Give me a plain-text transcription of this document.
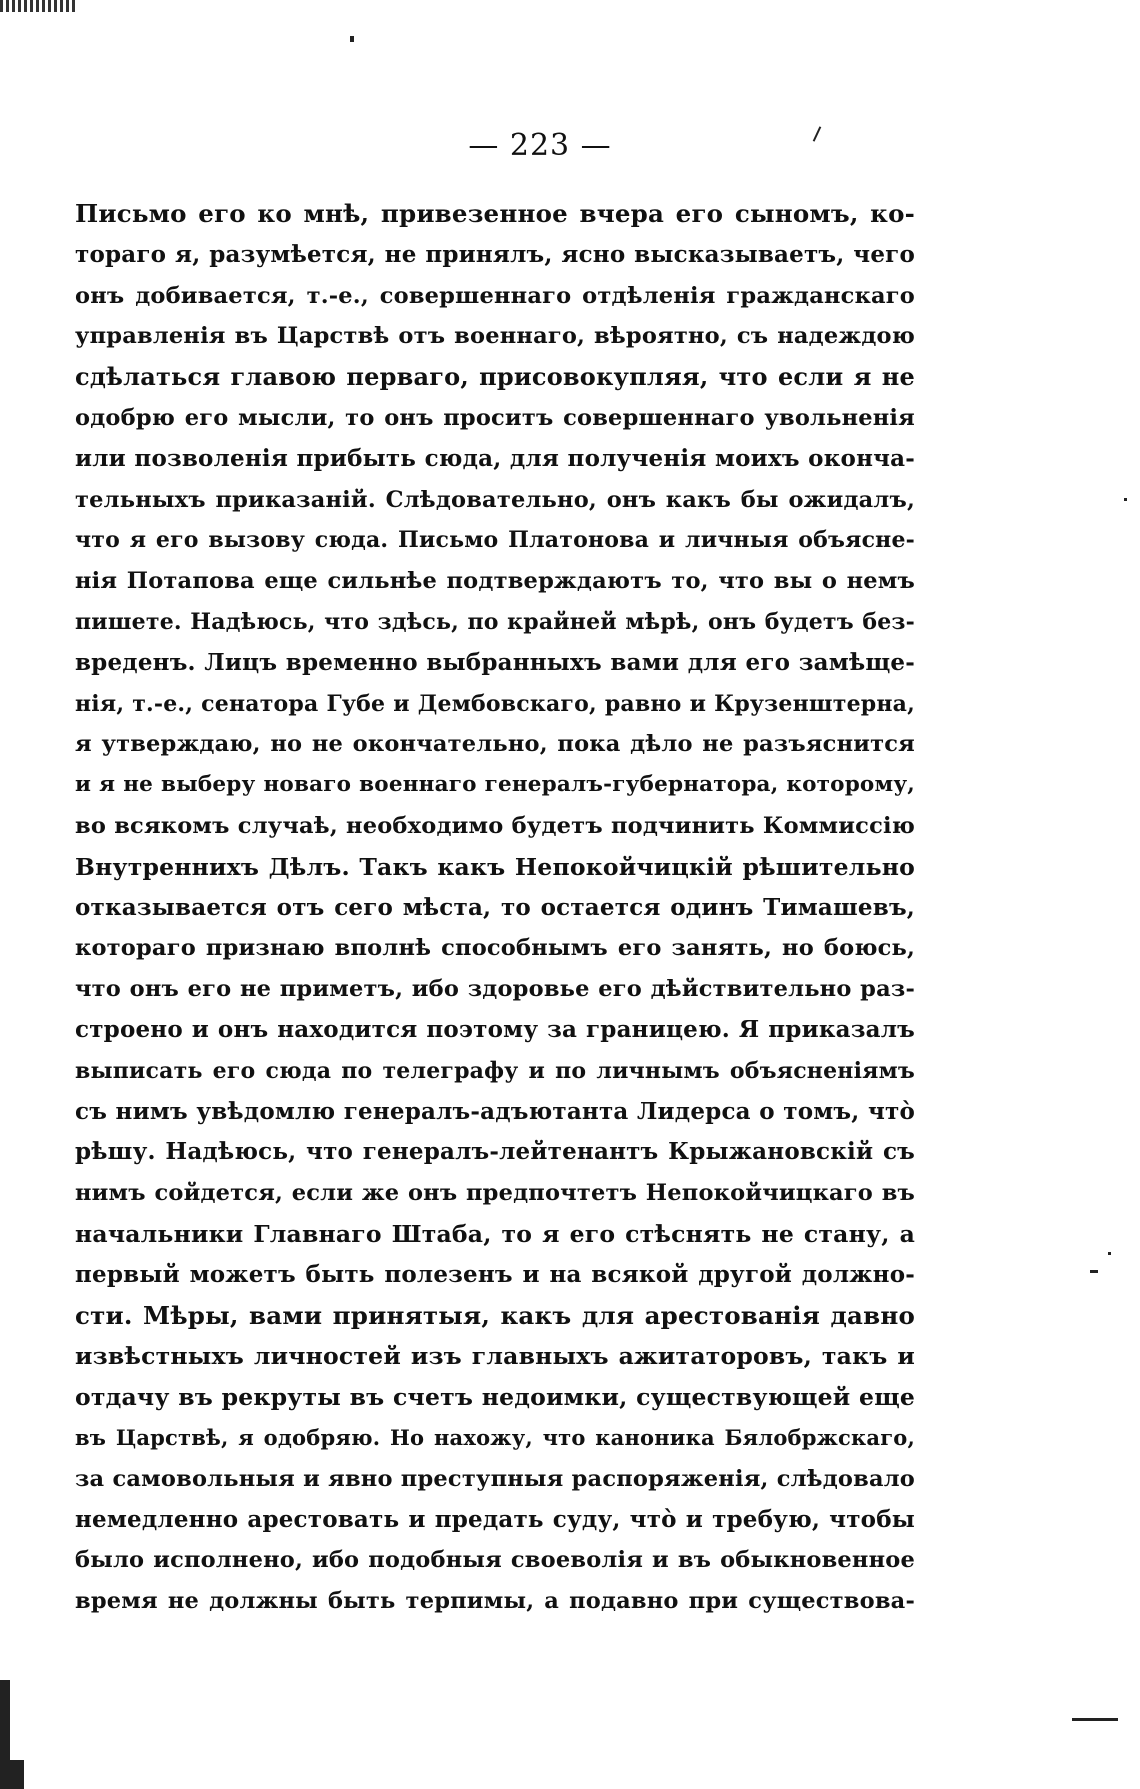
— 223 —
Письмо его ко мнѣ, привезенное вчера его сыномъ, ко-
тораго я, разумѣется, не принялъ, ясно высказываетъ, чего
онъ добивается, т.-е., совершеннаго отдѣленія гражданскаго
управленія въ Царствѣ отъ военнаго, вѣроятно, съ надеждою
сдѣлаться главою перваго, присовокупляя, что если я не
одобрю его мысли, то онъ проситъ совершеннаго увольненія
или позволенія прибыть сюда, для полученія моихъ оконча-
тельныхъ приказаній. Слѣдовательно, онъ какъ бы ожидалъ,
что я его вызову сюда. Письмо Платонова и личныя объясне-
нія Потапова еще сильнѣе подтверждаютъ то, что вы о немъ
пишете. Надѣюсь, что здѣсь, по крайней мѣрѣ, онъ будетъ без-
вреденъ. Лицъ временно выбранныхъ вами для его замѣще-
нія, т.-е., сенатора Губе и Дембовскаго, равно и Крузенштерна,
я утверждаю, но не окончательно, пока дѣло не разъяснится
и я не выберу новаго военнаго генералъ-губернатора, которому,
во всякомъ случаѣ, необходимо будетъ подчинить Коммиссію
Внутреннихъ Дѣлъ. Такъ какъ Непокойчицкій рѣшительно
отказывается отъ сего мѣста, то остается одинъ Тимашевъ,
котораго признаю вполнѣ способнымъ его занять, но боюсь,
что онъ его не приметъ, ибо здоровье его дѣйствительно раз-
строено и онъ находится поэтому за границею. Я приказалъ
выписать его сюда по телеграфу и по личнымъ объясненіямъ
съ нимъ увѣдомлю генералъ-адъютанта Лидерса о томъ, что̀
рѣшу. Надѣюсь, что генералъ-лейтенантъ Крыжановскій съ
нимъ сойдется, если же онъ предпочтетъ Непокойчицкаго въ
начальники Главнаго Штаба, то я его стѣснять не стану, а
первый можетъ быть полезенъ и на всякой другой должно-
сти. Мѣры, вами принятыя, какъ для арестованія давно
извѣстныхъ личностей изъ главныхъ ажитаторовъ, такъ и
отдачу въ рекруты въ счетъ недоимки, существующей еще
въ Царствѣ, я одобряю. Но нахожу, что каноника Бялобржскаго,
за самовольныя и явно преступныя распоряженія, слѣдовало
немедленно арестовать и предать суду, что̀ и требую, чтобы
было исполнено, ибо подобныя своеволія и въ обыкновенное
время не должны быть терпимы, а подавно при существова-
